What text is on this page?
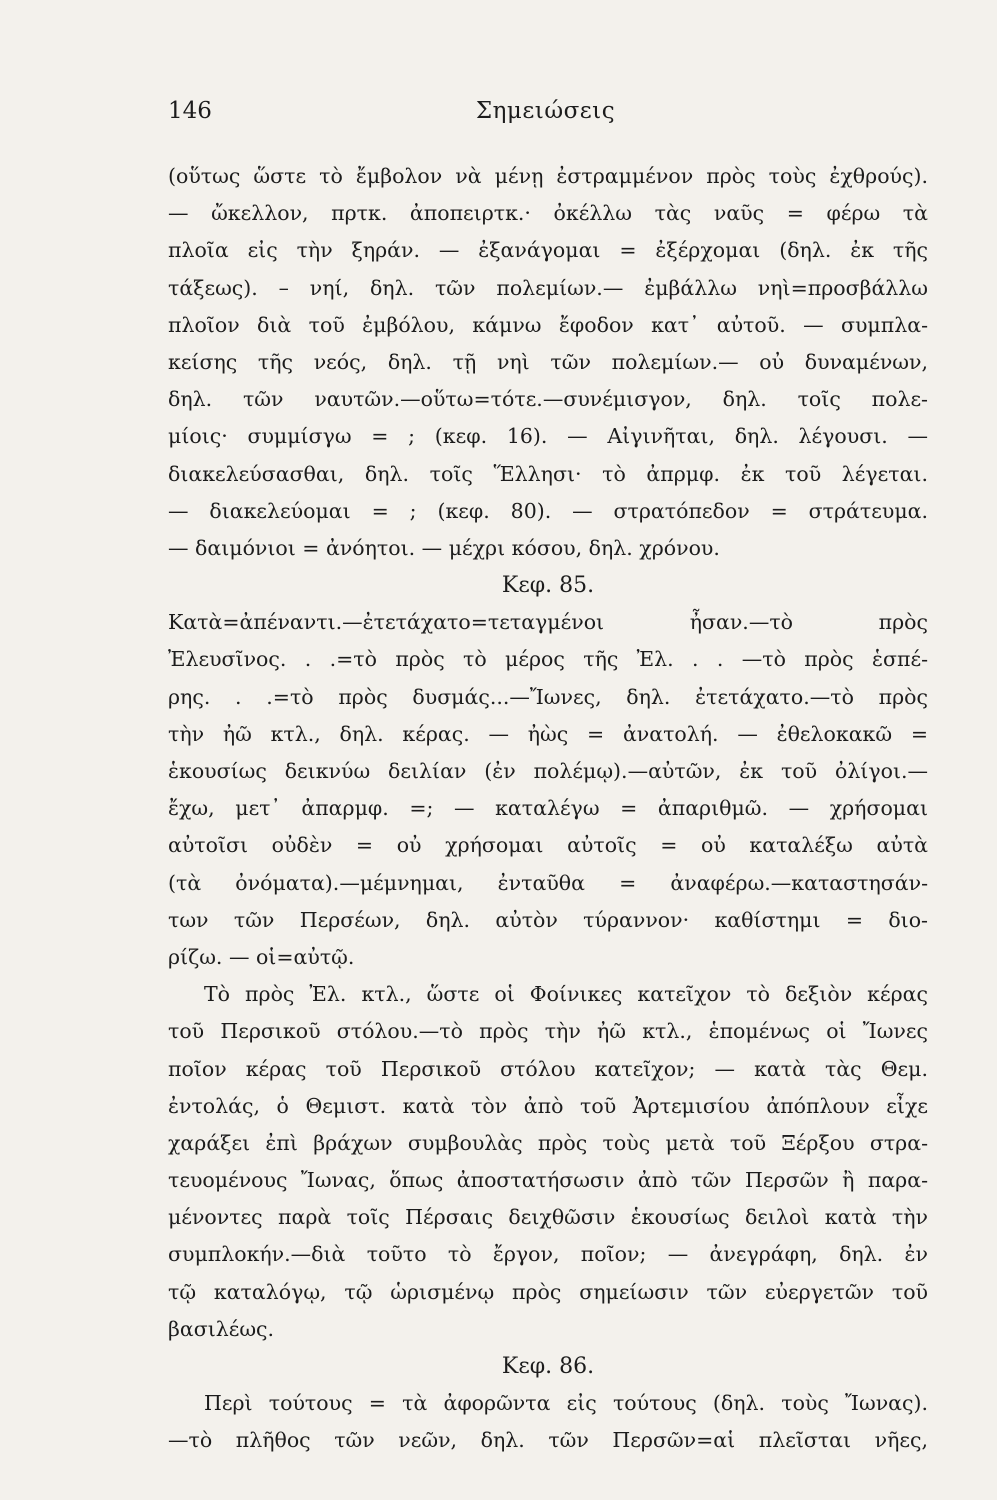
146	Σημειώσεις
(οὕτως ὥστε τὸ ἔμβολον νὰ μένῃ ἐστραμμένον πρὸς τοὺς ἐχθρούς).
— ὤκελλον, πρτκ. ἀποπειρτκ.· ὀκέλλω τὰς ναῦς = φέρω τὰ
πλοῖα εἰς τὴν ξηράν. — ἐξανάγομαι = ἐξέρχομαι (δηλ. ἐκ τῆς
τάξεως). – νηί, δηλ. τῶν πολεμίων.— ἐμβάλλω νηὶ=προσβάλλω
πλοῖον διὰ τοῦ ἐμβόλου, κάμνω ἔφοδον κατ᾽ αὐτοῦ. — συμπλα-
κείσης τῆς νεός, δηλ. τῇ νηὶ τῶν πολεμίων.— οὐ δυναμένων,
δηλ. τῶν ναυτῶν.—οὕτω=τότε.—συνέμισγον, δηλ. τοῖς πολε-
μίοις· συμμίσγω = ; (κεφ. 16). — Αἰγινῆται, δηλ. λέγουσι. —
διακελεύσασθαι, δηλ. τοῖς Ἕλλησι· τὸ ἀπρμφ. ἐκ τοῦ λέγεται.
— διακελεύομαι = ; (κεφ. 80). — στρατόπεδον = στράτευμα.
— δαιμόνιοι = ἀνόητοι. — μέχρι κόσου, δηλ. χρόνου.
Κεφ. 85.
Κατὰ=ἀπέναντι.—ἐτετάχατο=τεταγμένοι ἦσαν.—τὸ πρὸς
Ἐλευσῖνος. . .=τὸ πρὸς τὸ μέρος τῆς Ἐλ. . . —τὸ πρὸς ἑσπέ-
ρης. . .=τὸ πρὸς δυσμάς...—Ἴωνες, δηλ. ἐτετάχατο.—τὸ πρὸς
τὴν ἠῶ κτλ., δηλ. κέρας. — ἠὼς = ἀνατολή. — ἐθελοκακῶ =
ἑκουσίως δεικνύω δειλίαν (ἐν πολέμῳ).—αὐτῶν, ἐκ τοῦ ὀλίγοι.—
ἔχω, μετ᾽ ἀπαρμφ. =; — καταλέγω = ἀπαριθμῶ. — χρήσομαι
αὐτοῖσι οὐδὲν = οὐ χρήσομαι αὐτοῖς = οὐ καταλέξω αὐτὰ
(τὰ ὀνόματα).—μέμνημαι, ἐνταῦθα = ἀναφέρω.—καταστησάν-
των τῶν Περσέων, δηλ. αὐτὸν τύραννον· καθίστημι = διο-
ρίζω. — οἱ=αὐτῷ.
Τὸ πρὸς Ἐλ. κτλ., ὥστε οἱ Φοίνικες κατεῖχον τὸ δεξιὸν κέρας
τοῦ Περσικοῦ στόλου.—τὸ πρὸς τὴν ἠῶ κτλ., ἑπομένως οἱ Ἴωνες
ποῖον κέρας τοῦ Περσικοῦ στόλου κατεῖχον; — κατὰ τὰς Θεμ.
ἐντολάς, ὁ Θεμιστ. κατὰ τὸν ἀπὸ τοῦ Ἀρτεμισίου ἀπόπλουν εἶχε
χαράξει ἐπὶ βράχων συμβουλὰς πρὸς τοὺς μετὰ τοῦ Ξέρξου στρα-
τευομένους Ἴωνας, ὅπως ἀποστατήσωσιν ἀπὸ τῶν Περσῶν ἢ παρα-
μένοντες παρὰ τοῖς Πέρσαις δειχθῶσιν ἑκουσίως δειλοὶ κατὰ τὴν
συμπλοκήν.—διὰ τοῦτο τὸ ἔργον, ποῖον; — ἀνεγράφη, δηλ. ἐν
τῷ καταλόγῳ, τῷ ὡρισμένῳ πρὸς σημείωσιν τῶν εὐεργετῶν τοῦ
βασιλέως.
Κεφ. 86.
Περὶ τούτους = τὰ ἀφορῶντα εἰς τούτους (δηλ. τοὺς Ἴωνας).
—τὸ πλῆθος τῶν νεῶν, δηλ. τῶν Περσῶν=αἱ πλεῖσται νῆες,
